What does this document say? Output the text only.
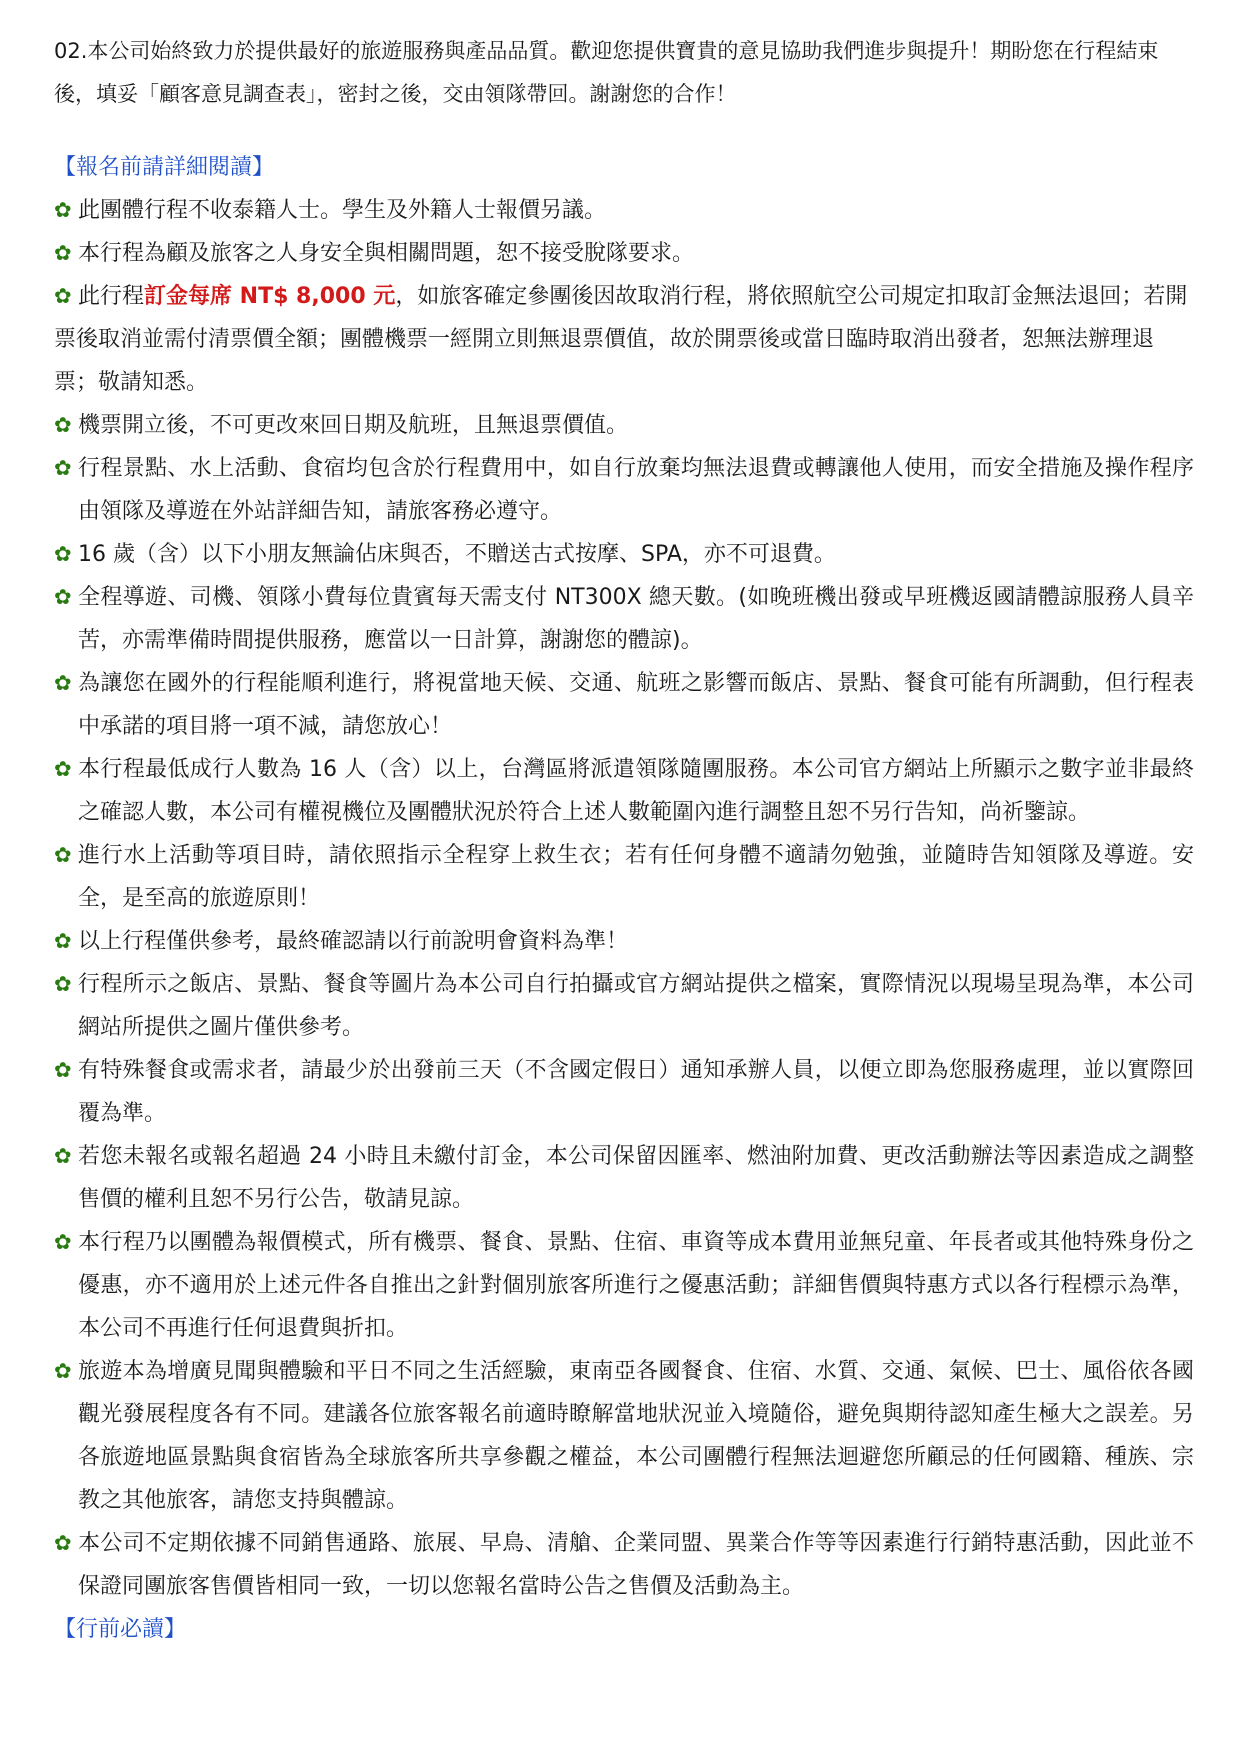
02.本公司始終致力於提供最好的旅遊服務與產品品質。歡迎您提供寶貴的意見協助我們進步與提升！期盼您在行程結束後，填妥「顧客意見調查表」，密封之後，交由領隊帶回。謝謝您的合作！

【報名前請詳細閱讀】

✿ 此團體行程不收泰籍人士。學生及外籍人士報價另議。
✿ 本行程為顧及旅客之人身安全與相關問題，恕不接受脫隊要求。
✿ 此行程訂金每席 NT$ 8,000 元，如旅客確定參團後因故取消行程，將依照航空公司規定扣取訂金無法退回；若開票後取消並需付清票價全額；團體機票一經開立則無退票價值，故於開票後或當日臨時取消出發者，恕無法辦理退票；敬請知悉。
✿ 機票開立後，不可更改來回日期及航班，且無退票價值。
✿ 行程景點、水上活動、食宿均包含於行程費用中，如自行放棄均無法退費或轉讓他人使用，而安全措施及操作程序由領隊及導遊在外站詳細告知，請旅客務必遵守。
✿ 16 歲（含）以下小朋友無論佔床與否，不贈送古式按摩、SPA，亦不可退費。
✿ 全程導遊、司機、領隊小費每位貴賓每天需支付 NT300X 總天數。(如晚班機出發或早班機返國請體諒服務人員辛苦，亦需準備時間提供服務，應當以一日計算，謝謝您的體諒)。
✿ 為讓您在國外的行程能順利進行，將視當地天候、交通、航班之影響而飯店、景點、餐食可能有所調動，但行程表中承諾的項目將一項不減，請您放心！
✿ 本行程最低成行人數為 16 人（含）以上，台灣區將派遣領隊隨團服務。本公司官方網站上所顯示之數字並非最終之確認人數，本公司有權視機位及團體狀況於符合上述人數範圍內進行調整且恕不另行告知，尚祈鑒諒。
✿ 進行水上活動等項目時，請依照指示全程穿上救生衣；若有任何身體不適請勿勉強，並隨時告知領隊及導遊。安全，是至高的旅遊原則！
✿ 以上行程僅供參考，最終確認請以行前說明會資料為準！
✿ 行程所示之飯店、景點、餐食等圖片為本公司自行拍攝或官方網站提供之檔案，實際情況以現場呈現為準，本公司網站所提供之圖片僅供參考。
✿ 有特殊餐食或需求者，請最少於出發前三天（不含國定假日）通知承辦人員，以便立即為您服務處理，並以實際回覆為準。
✿ 若您未報名或報名超過 24 小時且未繳付訂金，本公司保留因匯率、燃油附加費、更改活動辦法等因素造成之調整售價的權利且恕不另行公告，敬請見諒。
✿ 本行程乃以團體為報價模式，所有機票、餐食、景點、住宿、車資等成本費用並無兒童、年長者或其他特殊身份之優惠，亦不適用於上述元件各自推出之針對個別旅客所進行之優惠活動；詳細售價與特惠方式以各行程標示為準，本公司不再進行任何退費與折扣。
✿ 旅遊本為增廣見聞與體驗和平日不同之生活經驗，東南亞各國餐食、住宿、水質、交通、氣候、巴士、風俗依各國觀光發展程度各有不同。建議各位旅客報名前適時瞭解當地狀況並入境隨俗，避免與期待認知產生極大之誤差。另各旅遊地區景點與食宿皆為全球旅客所共享參觀之權益，本公司團體行程無法迴避您所顧忌的任何國籍、種族、宗教之其他旅客，請您支持與體諒。
✿ 本公司不定期依據不同銷售通路、旅展、早鳥、清艙、企業同盟、異業合作等等因素進行行銷特惠活動，因此並不保證同團旅客售價皆相同一致，一切以您報名當時公告之售價及活動為主。

【行前必讀】
